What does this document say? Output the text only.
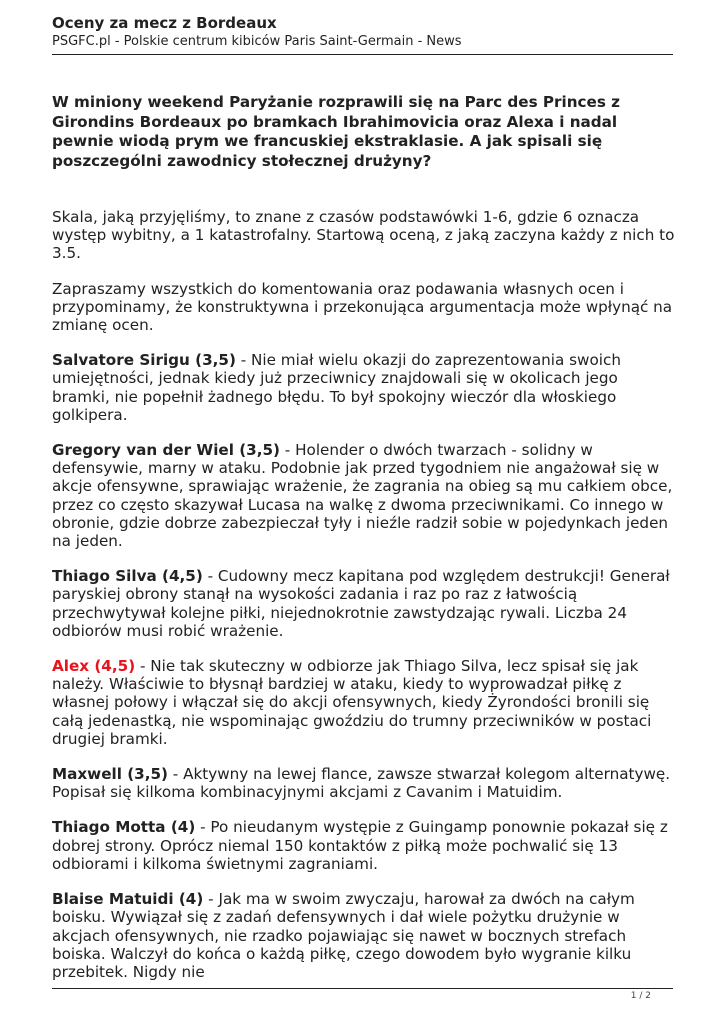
Oceny za mecz z Bordeaux
PSGFC.pl - Polskie centrum kibiców Paris Saint-Germain - News

W miniony weekend Paryżanie rozprawili się na Parc des Princes z Girondins Bordeaux po bramkach Ibrahimovicia oraz Alexa i nadal pewnie wiodą prym we francuskiej ekstraklasie. A jak spisali się poszczególni zawodnicy stołecznej drużyny?

Skala, jaką przyjęliśmy, to znane z czasów podstawówki 1-6, gdzie 6 oznacza występ wybitny, a 1 katastrofalny. Startową oceną, z jaką zaczyna każdy z nich to 3.5.

Zapraszamy wszystkich do komentowania oraz podawania własnych ocen i przypominamy, że konstruktywna i przekonująca argumentacja może wpłynąć na zmianę ocen.

Salvatore Sirigu (3,5) - Nie miał wielu okazji do zaprezentowania swoich umiejętności, jednak kiedy już przeciwnicy znajdowali się w okolicach jego bramki, nie popełnił żadnego błędu. To był spokojny wieczór dla włoskiego golkipera.

Gregory van der Wiel (3,5) - Holender o dwóch twarzach - solidny w defensywie, marny w ataku. Podobnie jak przed tygodniem nie angażował się w akcje ofensywne, sprawiając wrażenie, że zagrania na obieg są mu całkiem obce, przez co często skazywał Lucasa na walkę z dwoma przeciwnikami. Co innego w obronie, gdzie dobrze zabezpieczał tyły i nieźle radził sobie w pojedynkach jeden na jeden.

Thiago Silva (4,5) - Cudowny mecz kapitana pod względem destrukcji! Generał paryskiej obrony stanął na wysokości zadania i raz po raz z łatwością przechwytywał kolejne piłki, niejednokrotnie zawstydzając rywali. Liczba 24 odbiorów musi robić wrażenie.

Alex (4,5) - Nie tak skuteczny w odbiorze jak Thiago Silva, lecz spisał się jak należy. Właściwie to błysnął bardziej w ataku, kiedy to wyprowadzał piłkę z własnej połowy i włączał się do akcji ofensywnych, kiedy Żyrondości bronili się całą jedenastką, nie wspominając gwoździu do trumny przeciwników w postaci drugiej bramki.

Maxwell (3,5) - Aktywny na lewej flance, zawsze stwarzał kolegom alternatywę. Popisał się kilkoma kombinacyjnymi akcjami z Cavanim i Matuidim.

Thiago Motta (4) - Po nieudanym występie z Guingamp ponownie pokazał się z dobrej strony. Oprócz niemal 150 kontaktów z piłką może pochwalić się 13 odbiorami i kilkoma świetnymi zagraniami.

Blaise Matuidi (4) - Jak ma w swoim zwyczaju, harował za dwóch na całym boisku. Wywiązał się z zadań defensywnych i dał wiele pożytku drużynie w akcjach ofensywnych, nie rzadko pojawiając się nawet w bocznych strefach boiska. Walczył do końca o każdą piłkę, czego dowodem było wygranie kilku przebitek. Nigdy nie

1 / 2
